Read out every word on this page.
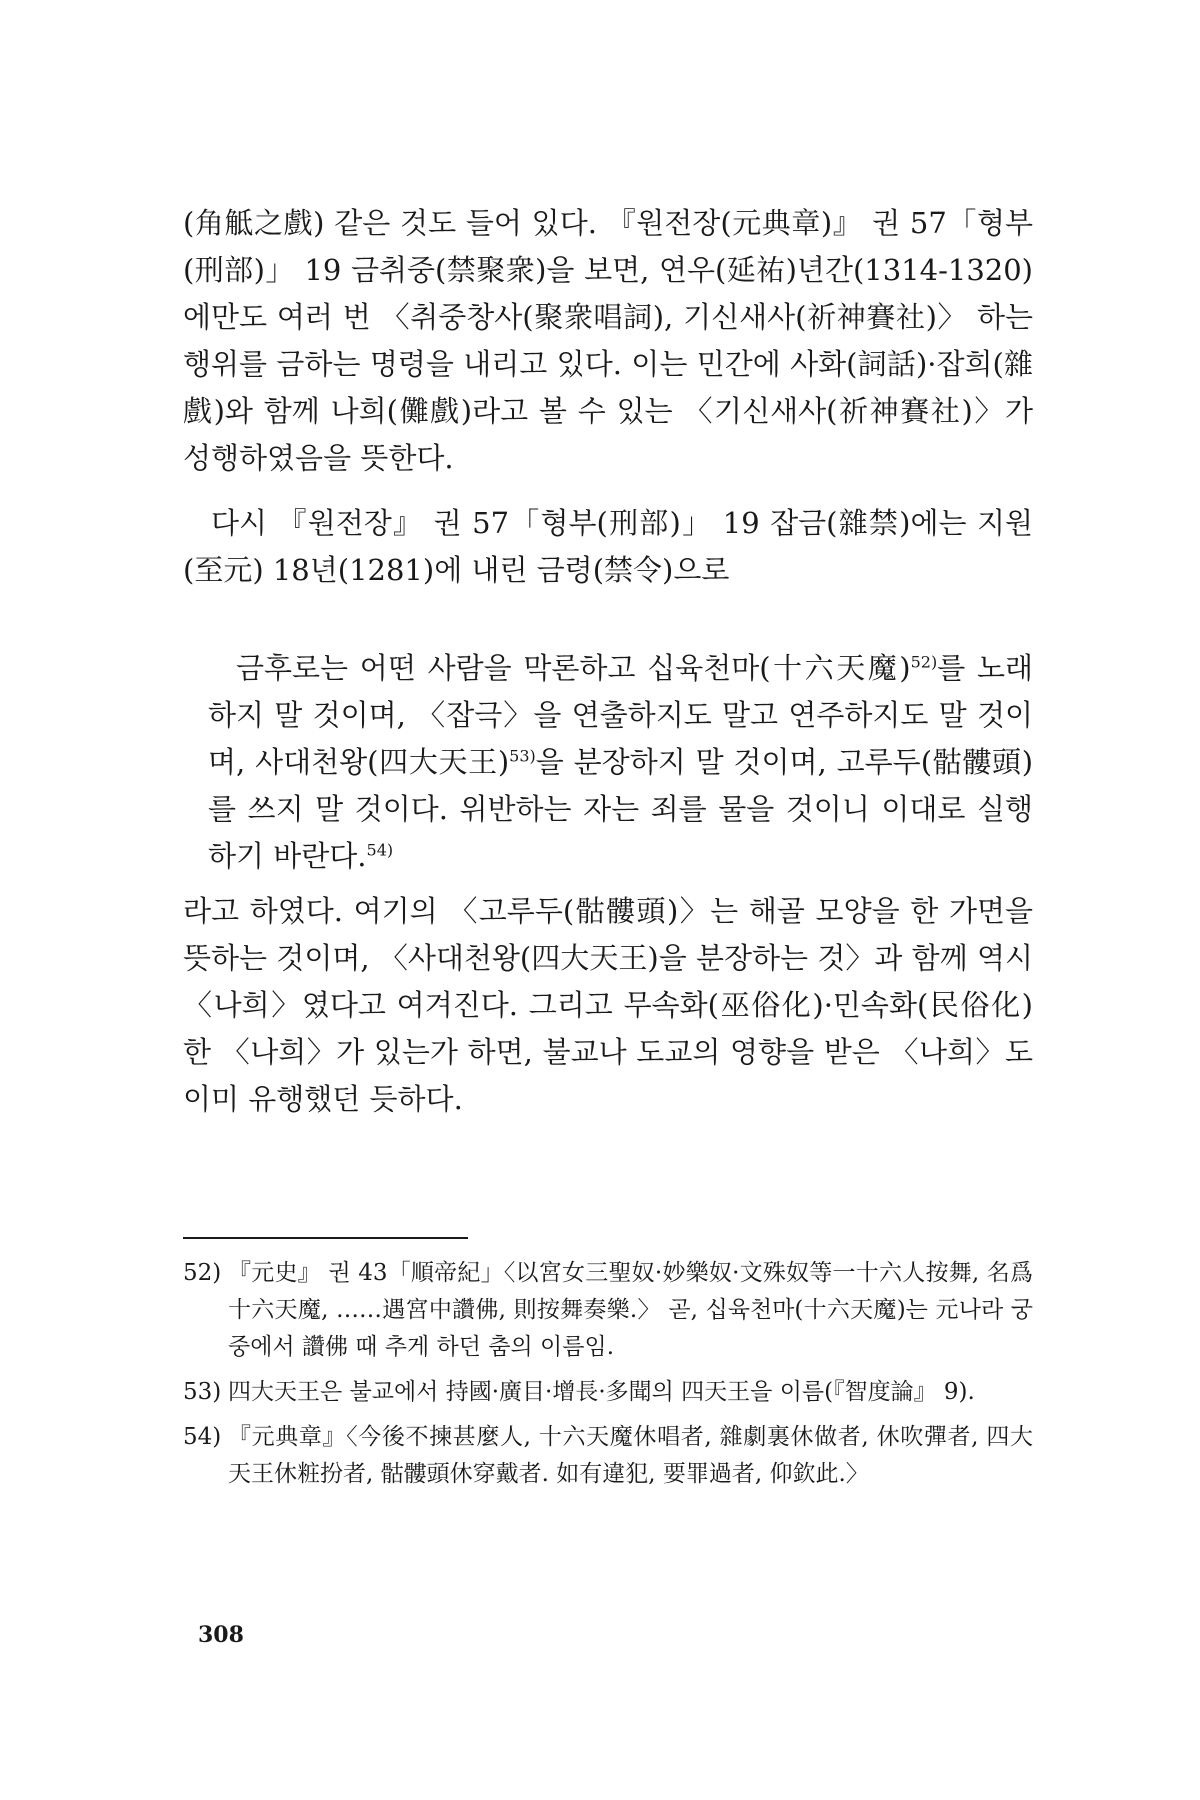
(角觝之戲) 같은 것도 들어 있다. 『원전장(元典章)』 권 57「형부(刑部)」 19 금취중(禁聚衆)을 보면, 연우(延祐)년간(1314-1320)에만도 여러 번 〈취중창사(聚衆唱詞), 기신새사(祈神賽社)〉 하는 행위를 금하는 명령을 내리고 있다. 이는 민간에 사화(詞話)·잡희(雜戲)와 함께 나희(儺戲)라고 볼 수 있는 〈기신새사(祈神賽社)〉가 성행하였음을 뜻한다.

다시 『원전장』 권 57「형부(刑部)」 19 잡금(雜禁)에는 지원(至元) 18년(1281)에 내린 금령(禁令)으로

금후로는 어떤 사람을 막론하고 십육천마(十六天魔)$^{52)}$를 노래하지 말 것이며, 〈잡극〉을 연출하지도 말고 연주하지도 말 것이며, 사대천왕(四大天王)$^{53)}$을 분장하지 말 것이며, 고루두(骷髏頭)를 쓰지 말 것이다. 위반하는 자는 죄를 물을 것이니 이대로 실행하기 바란다.$^{54)}$

라고 하였다. 여기의 〈고루두(骷髏頭)〉는 해골 모양을 한 가면을 뜻하는 것이며, 〈사대천왕(四大天王)을 분장하는 것〉과 함께 역시 〈나희〉였다고 여겨진다. 그리고 무속화(巫俗化)·민속화(民俗化)한 〈나희〉가 있는가 하면, 불교나 도교의 영향을 받은 〈나희〉도 이미 유행했던 듯하다.

52) 『元史』 권 43「順帝紀」〈以宮女三聖奴·妙樂奴·文殊奴等一十六人按舞, 名爲十六天魔, ……遇宮中讚佛, 則按舞奏樂.〉 곧, 십육천마(十六天魔)는 元나라 궁중에서 讚佛 때 추게 하던 춤의 이름임.

53) 四大天王은 불교에서 持國·廣目·增長·多聞의 四天王을 이름(『智度論』 9).

54) 『元典章』〈今後不揀甚麼人, 十六天魔休唱者, 雜劇裏休做者, 休吹彈者, 四大天王休粧扮者, 骷髏頭休穿戴者. 如有違犯, 要罪過者, 仰欽此.〉

308
